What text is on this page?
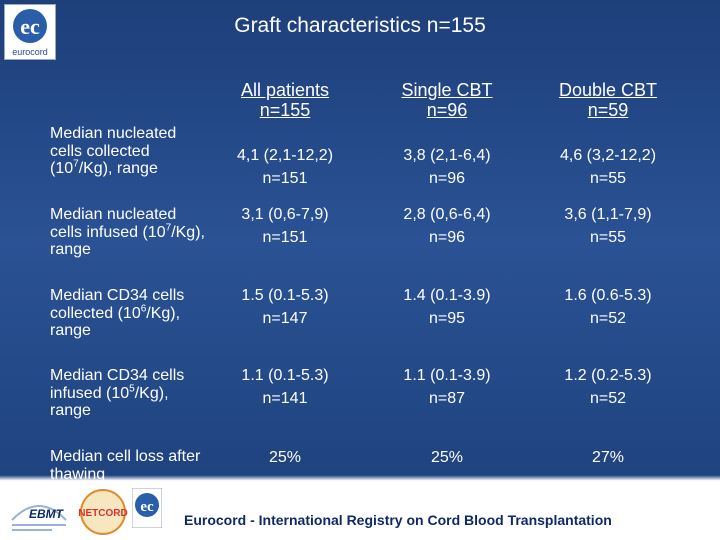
ec
eurocord
Graft characteristics n=155
All patients
n=155
Single CBT
n=96
Double CBT
n=59
Median nucleated cells collected $(10^7/Kg)$, range
4,1 (2,1-12,2)
n=151
3,8 (2,1-6,4)
n=96
4,6 (3,2-12,2)
n=55
Median nucleated cells infused $(10^7/Kg)$, range
3,1 (0,6-7,9)
n=151
2,8 (0,6-6,4)
n=96
3,6 (1,1-7,9)
n=55
Median CD34 cells collected $(10^6/Kg)$, range
1.5 (0.1-5.3)
n=147
1.4 (0.1-3.9)
n=95
1.6 (0.6-5.3)
n=52
Median CD34 cells infused $(10^5/Kg)$, range
1.1 (0.1-5.3)
n=141
1.1 (0.1-3.9)
n=87
1.2 (0.2-5.3)
n=52
Median cell loss after thawing
25%	25%	27%
EBMT NETCORD ec
Eurocord - International Registry on Cord Blood Transplantation
